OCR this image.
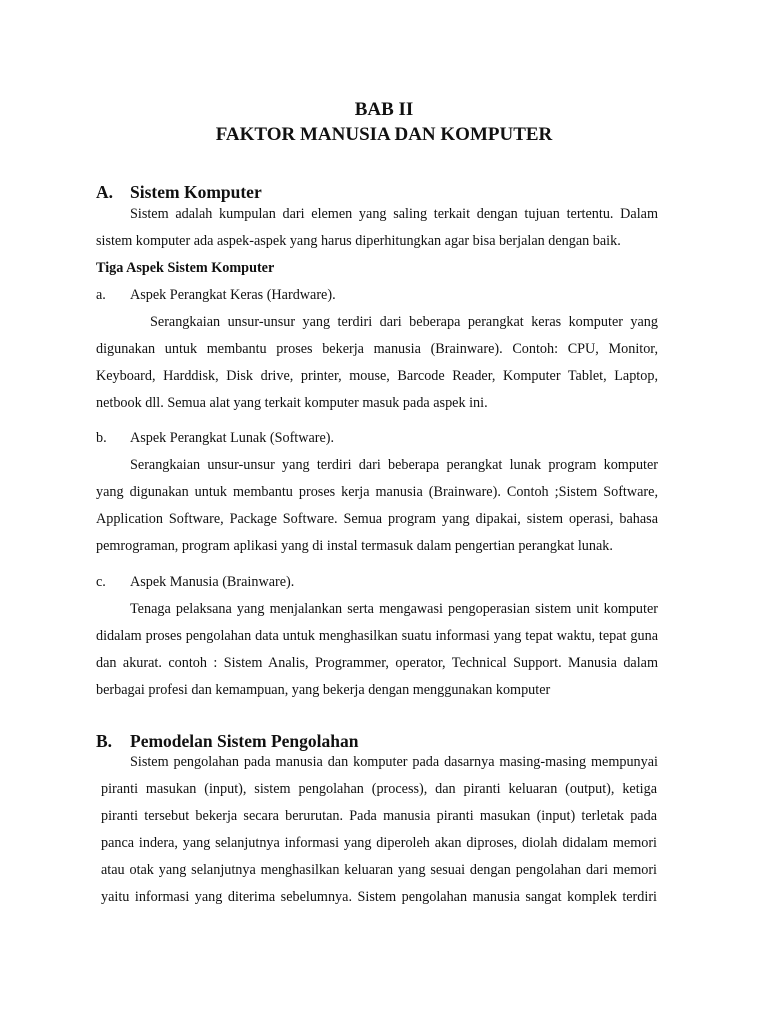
BAB II
FAKTOR MANUSIA DAN KOMPUTER
A. Sistem Komputer
Sistem adalah kumpulan dari elemen yang saling terkait dengan tujuan tertentu. Dalam
sistem komputer ada aspek-aspek yang harus diperhitungkan agar bisa berjalan dengan baik.
Tiga Aspek Sistem Komputer
a. Aspek Perangkat Keras (Hardware).
Serangkaian unsur-unsur yang terdiri dari beberapa perangkat keras komputer yang
digunakan untuk membantu proses bekerja manusia (Brainware). Contoh: CPU, Monitor,
Keyboard, Harddisk, Disk drive, printer, mouse, Barcode Reader, Komputer Tablet, Laptop,
netbook dll. Semua alat yang terkait komputer masuk pada aspek ini.
b. Aspek Perangkat Lunak (Software).
Serangkaian unsur-unsur yang terdiri dari beberapa perangkat lunak program komputer
yang digunakan untuk membantu proses kerja manusia (Brainware). Contoh ;Sistem Software,
Application Software, Package Software. Semua program yang dipakai, sistem operasi, bahasa
pemrograman, program aplikasi yang di instal termasuk dalam pengertian perangkat lunak.
c. Aspek Manusia (Brainware).
Tenaga pelaksana yang menjalankan serta mengawasi pengoperasian sistem unit komputer
didalam proses pengolahan data untuk menghasilkan suatu informasi yang tepat waktu, tepat guna
dan akurat. contoh : Sistem Analis, Programmer, operator, Technical Support. Manusia dalam
berbagai profesi dan kemampuan, yang bekerja dengan menggunakan komputer
B. Pemodelan Sistem Pengolahan
Sistem pengolahan pada manusia dan komputer pada dasarnya masing-masing mempunyai
piranti masukan (input), sistem pengolahan (process), dan piranti keluaran (output), ketiga
piranti tersebut bekerja secara berurutan. Pada manusia piranti masukan (input) terletak pada
panca indera, yang selanjutnya informasi yang diperoleh akan diproses, diolah didalam memori
atau otak yang selanjutnya menghasilkan keluaran yang sesuai dengan pengolahan dari memori
yaitu informasi yang diterima sebelumnya. Sistem pengolahan manusia sangat komplek terdiri
